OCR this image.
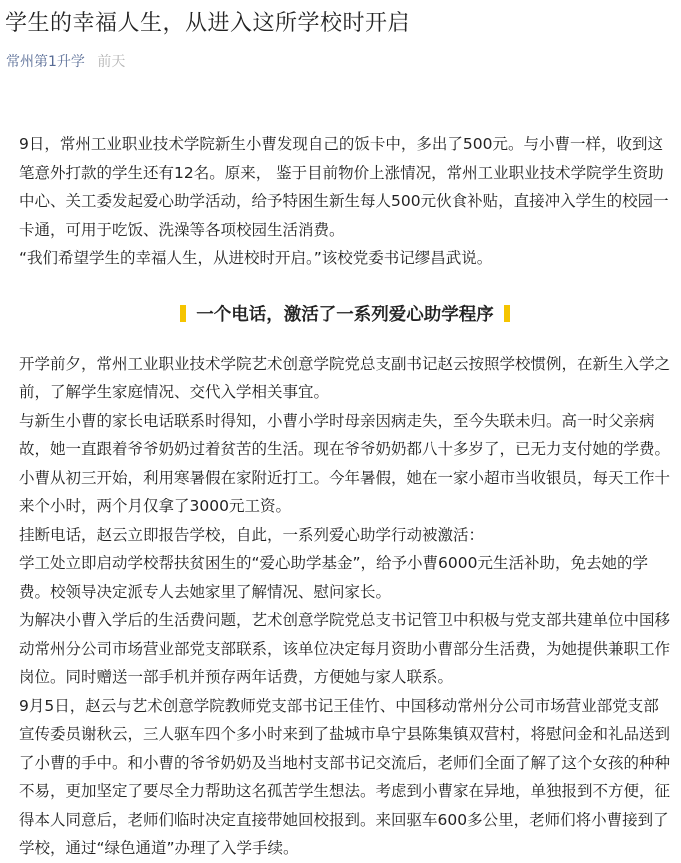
学生的幸福人生，从进入这所学校时开启
常州第1升学 前天

9日，常州工业职业技术学院新生小曹发现自己的饭卡中，多出了500元。与小曹一样，收到这笔意外打款的学生还有12名。原来， 鉴于目前物价上涨情况，常州工业职业技术学院学生资助中心、关工委发起爱心助学活动，给予特困生新生每人500元伙食补贴，直接冲入学生的校园一卡通，可用于吃饭、洗澡等各项校园生活消费。

“我们希望学生的幸福人生，从进校时开启。”该校党委书记缪昌武说。

一个电话，激活了一系列爱心助学程序

开学前夕，常州工业职业技术学院艺术创意学院党总支副书记赵云按照学校惯例，在新生入学之前，了解学生家庭情况、交代入学相关事宜。

与新生小曹的家长电话联系时得知，小曹小学时母亲因病走失，至今失联未归。高一时父亲病故，她一直跟着爷爷奶奶过着贫苦的生活。现在爷爷奶奶都八十多岁了，已无力支付她的学费。小曹从初三开始，利用寒暑假在家附近打工。今年暑假，她在一家小超市当收银员，每天工作十来个小时，两个月仅拿了3000元工资。

挂断电话，赵云立即报告学校，自此，一系列爱心助学行动被激活：

学工处立即启动学校帮扶贫困生的“爱心助学基金”，给予小曹6000元生活补助，免去她的学费。校领导决定派专人去她家里了解情况、慰问家长。

为解决小曹入学后的生活费问题，艺术创意学院党总支书记管卫中积极与党支部共建单位中国移动常州分公司市场营业部党支部联系，该单位决定每月资助小曹部分生活费，为她提供兼职工作岗位。同时赠送一部手机并预存两年话费，方便她与家人联系。

9月5日，赵云与艺术创意学院教师党支部书记王佳竹、中国移动常州分公司市场营业部党支部宣传委员谢秋云，三人驱车四个多小时来到了盐城市阜宁县陈集镇双营村，将慰问金和礼品送到了小曹的手中。和小曹的爷爷奶奶及当地村支部书记交流后，老师们全面了解了这个女孩的种种不易，更加坚定了要尽全力帮助这名孤苦学生想法。考虑到小曹家在异地，单独报到不方便，征得本人同意后，老师们临时决定直接带她回校报到。来回驱车600多公里，老师们将小曹接到了学校，通过“绿色通道”办理了入学手续。
